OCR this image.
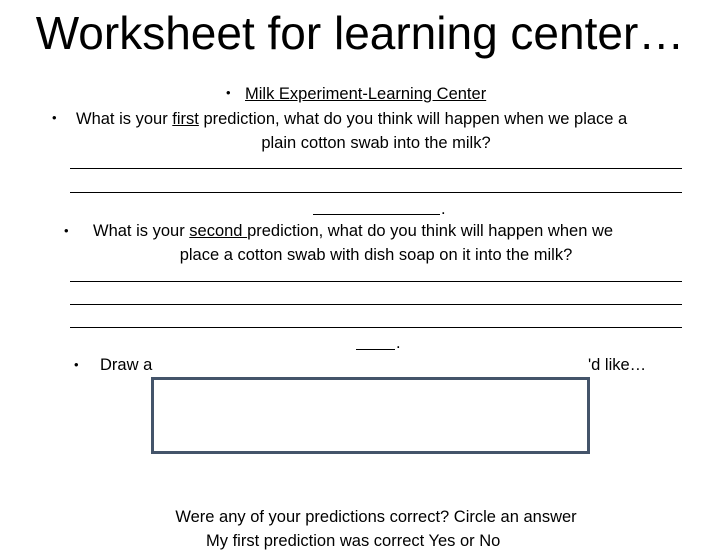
Worksheet for learning center…
• Milk Experiment-Learning Center
• What is your first prediction, what do you think will happen when we place a
plain cotton swab into the milk?
.
• What is your second prediction, what do you think will happen when we
place a cotton swab with dish soap on it into the milk?
.
• Draw a	'd like…
Were any of your predictions correct? Circle an answer
My first prediction was correct Yes or No
